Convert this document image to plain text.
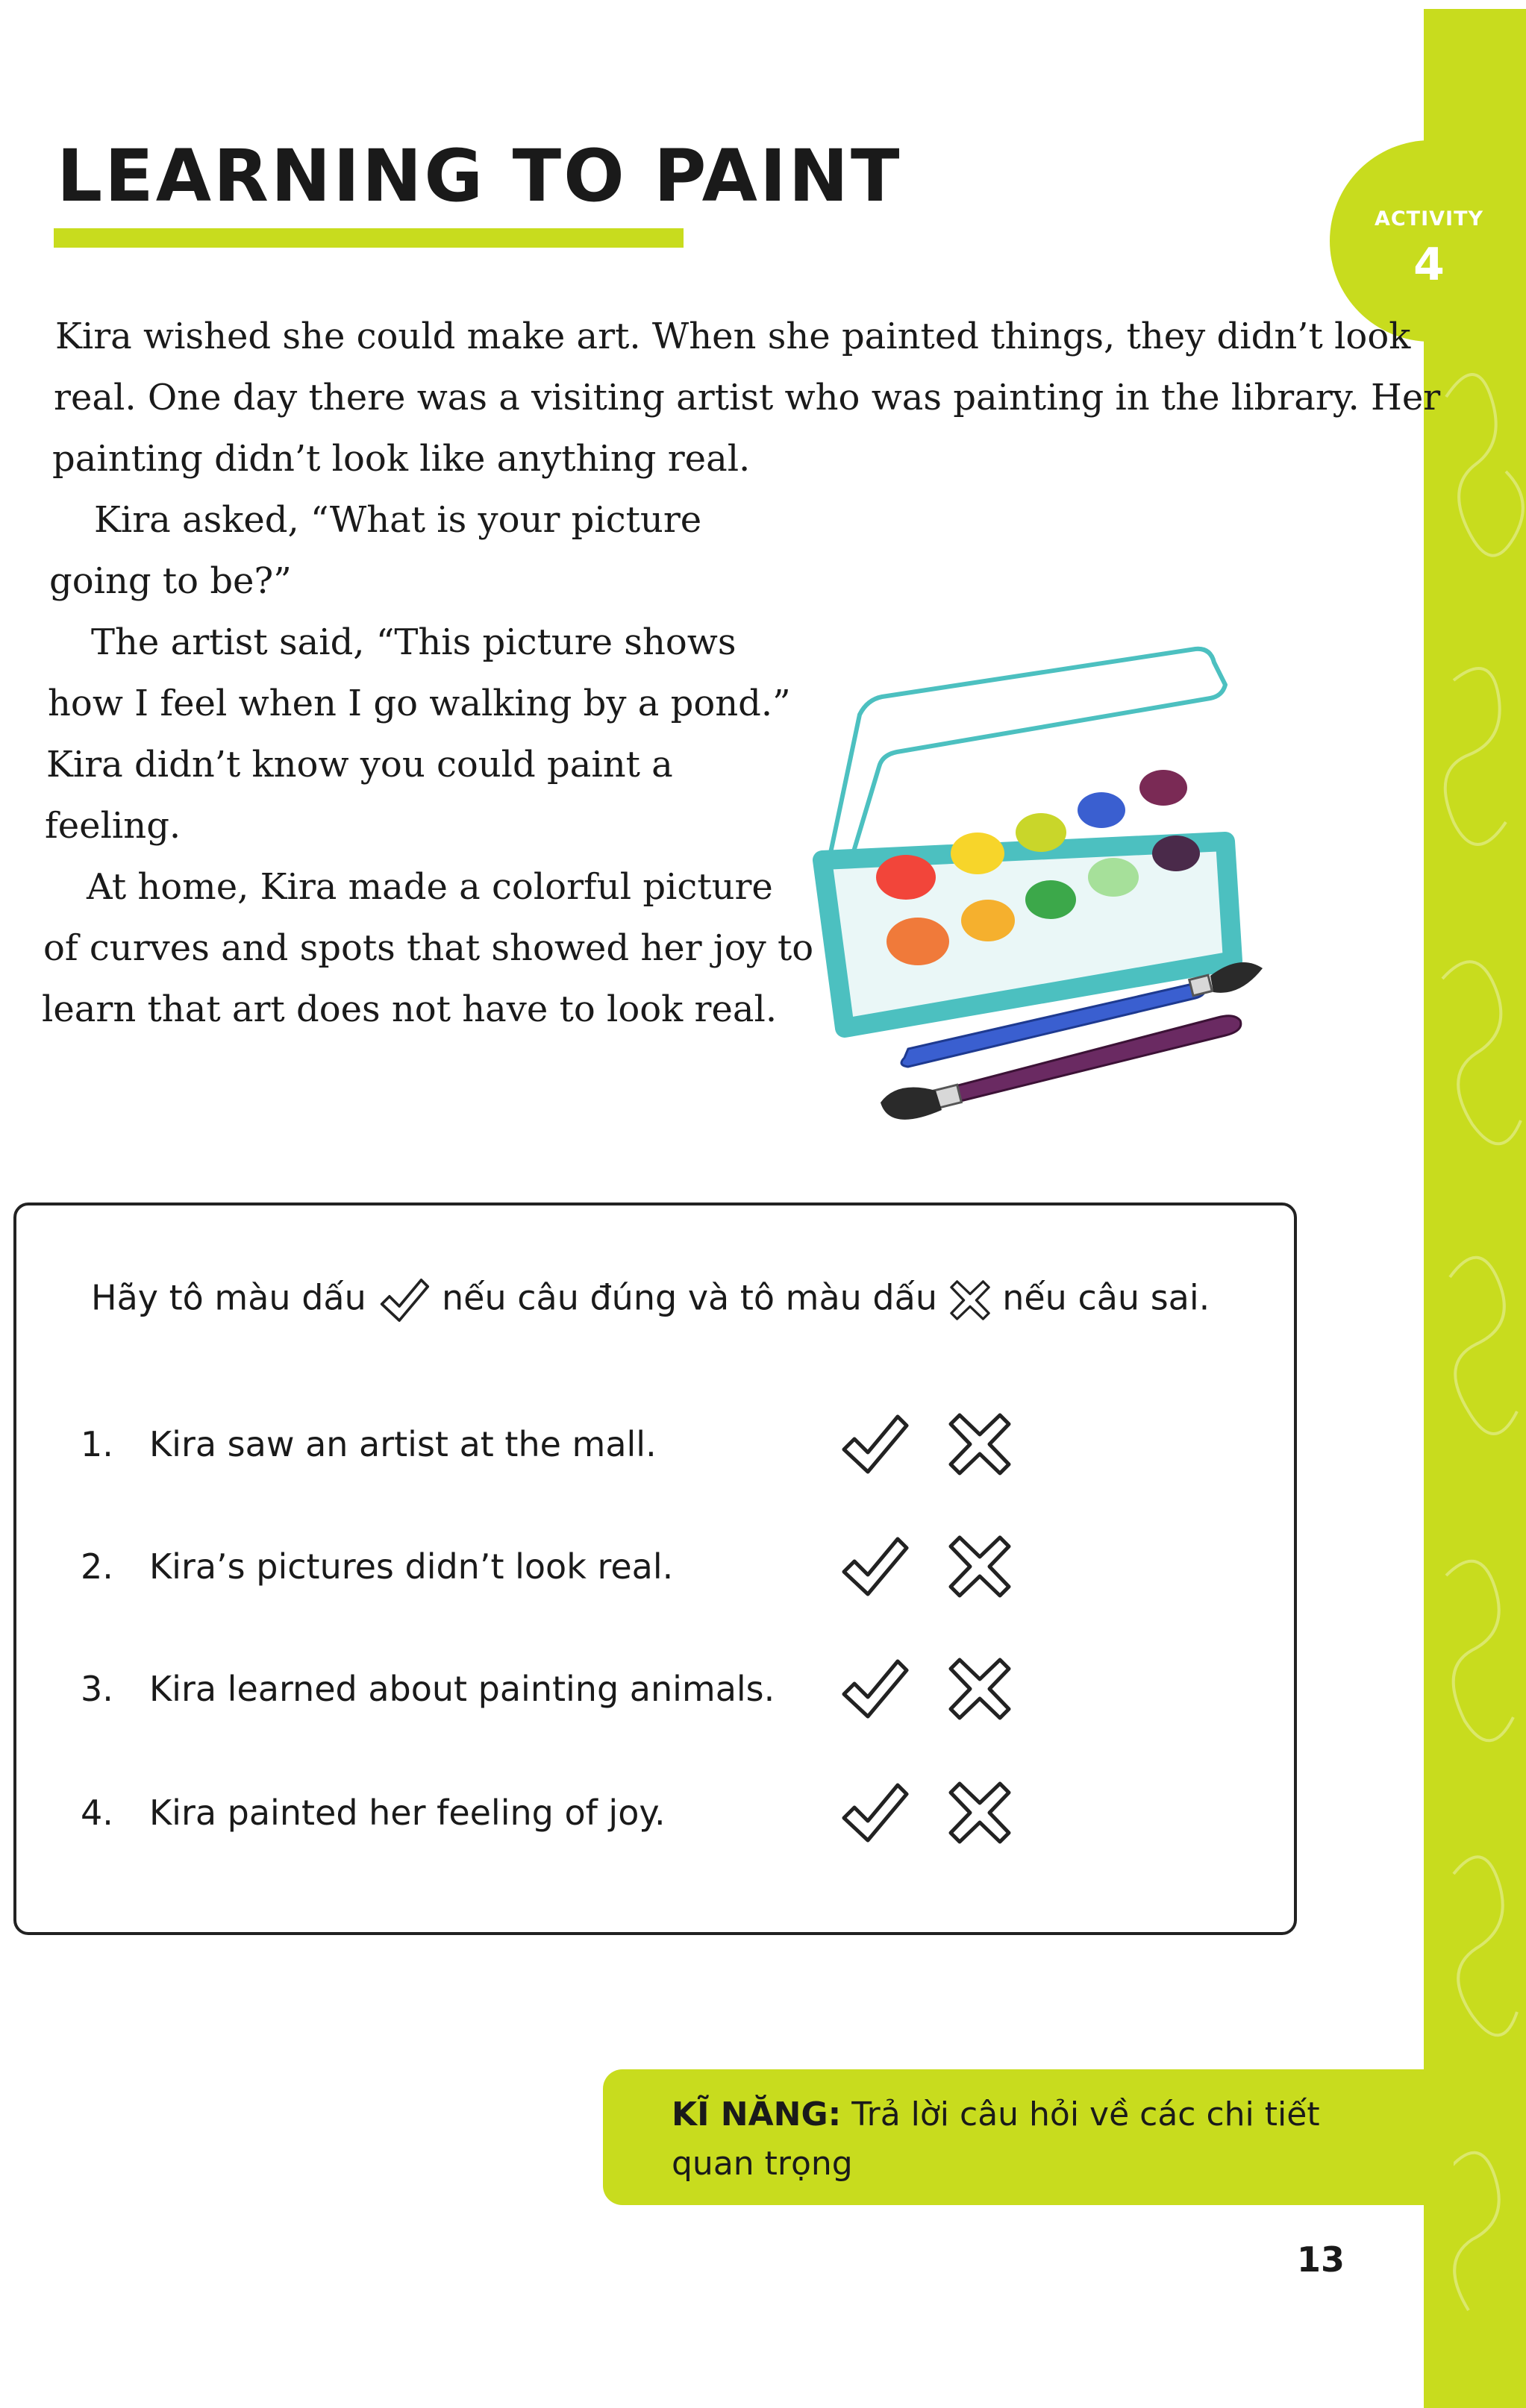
ACTIVITY
4
LEARNING TO PAINT

Kira wished she could make art. When she painted things, they didn’t look

real. One day there was a visiting artist who was painting in the library. Her

painting didn’t look like anything real.

Kira asked, “What is your picture

going to be?”

The artist said, “This picture shows

how I feel when I go walking by a pond.”

Kira didn’t know you could paint a

feeling.

At home, Kira made a colorful picture

of curves and spots that showed her joy to

learn that art does not have to look real.

Hãy tô màu dấu nếu câu đúng và tô màu dấu nếu câu sai.
1. Kira saw an artist at the mall.
2. Kira’s pictures didn’t look real.
3. Kira learned about painting animals.
4. Kira painted her feeling of joy.
KĨ NĂNG: Trả lời câu hỏi về các chi tiết quan trọng
13
